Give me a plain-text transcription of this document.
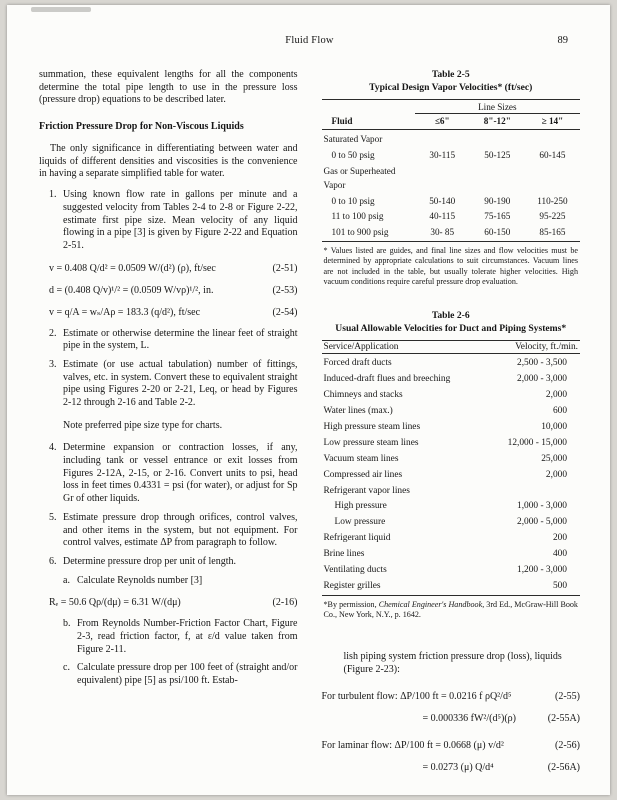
Fluid Flow	89

summation, these equivalent lengths for all the components determine the total pipe length to use in the pressure loss (pressure drop) equations to be described later.

Friction Pressure Drop for Non-Viscous Liquids

The only significance in differentiating between water and liquids of different densities and viscosities is the convenience in having a separate simplified table for water.

1. Using known flow rate in gallons per minute and a suggested velocity from Tables 2-4 to 2-8 or Figure 2-22, estimate first pipe size. Mean velocity of any liquid flowing in a pipe [3] is given by Figure 2-22 and Equation 2-51.
v = 0.408 Q/d² = 0.0509 W/(d²) (ρ), ft/sec	(2-51)
d = (0.408 Q/v)¹/² = (0.0509 W/vρ)¹/², in.	(2-53)
v = q/A = wₛ/Aρ = 183.3 (q/d²), ft/sec	(2-54)
2. Estimate or otherwise determine the linear feet of straight pipe in the system, L.
3. Estimate (or use actual tabulation) number of fittings, valves, etc. in system. Convert these to equivalent straight pipe using Figures 2-20 or 2-21, Leq, or head by Figures 2-12 through 2-16 and Table 2-2.

Note preferred pipe size type for charts.

4. Determine expansion or contraction losses, if any, including tank or vessel entrance or exit losses from Figures 2-12A, 2-15, or 2-16. Convert units to psi, head loss in feet times 0.4331 = psi (for water), or adjust for Sp Gr of other liquids.
5. Estimate pressure drop through orifices, control valves, and other items in the system, but not equipment. For control valves, estimate ΔP from paragraph to follow.
6. Determine pressure drop per unit of length.
a. Calculate Reynolds number [3]
Rₑ = 50.6 Qρ/(dμ) = 6.31 W/(dμ)	(2-16)
b. From Reynolds Number-Friction Factor Chart, Figure 2-3, read friction factor, f, at ε/d value taken from Figure 2-11.
c. Calculate pressure drop per 100 feet of (straight and/or equivalent) pipe [5] as psi/100 ft. Estab-
Table 2-5
Typical Design Vapor Velocities* (ft/sec)
	Line Sizes		
Fluid	≤6"	8"-12"	≥ 14"
Saturated Vapor			
0 to 50 psig	30-115	50-125	60-145
Gas or Superheated Vapor			
0 to 10 psig	50-140	90-190	110-250
11 to 100 psig	40-115	75-165	95-225
101 to 900 psig	30- 85	60-150	85-165

* Values listed are guides, and final line sizes and flow velocities must be determined by appropriate calculations to suit circumstances. Vacuum lines are not included in the table, but usually tolerate higher velocities. High vacuum conditions require careful pressure drop evaluation.

Table 2-6
Usual Allowable Velocities for Duct and Piping Systems*
Service/Application	Velocity, ft./min.
Forced draft ducts	2,500 - 3,500
Induced-draft flues and breeching	2,000 - 3,000
Chimneys and stacks	2,000
Water lines (max.)	600
High pressure steam lines	10,000
Low pressure steam lines	12,000 - 15,000
Vacuum steam lines	25,000
Compressed air lines	2,000
Refrigerant vapor lines	
High pressure	1,000 - 3,000
Low pressure	2,000 - 5,000
Refrigerant liquid	200
Brine lines	400
Ventilating ducts	1,200 - 3,000
Register grilles	500

*By permission, Chemical Engineer's Handbook, 3rd Ed., McGraw-Hill Book Co., New York, N.Y., p. 1642.

lish piping system friction pressure drop (loss), liquids (Figure 2-23):

For turbulent flow: ΔP/100 ft = 0.0216 f ρQ²/d⁵	(2-55)
= 0.000336 fW²/(d⁵)(ρ)	(2-55A)
For laminar flow: ΔP/100 ft = 0.0668 (μ) v/d²	(2-56)
= 0.0273 (μ) Q/d⁴	(2-56A)
